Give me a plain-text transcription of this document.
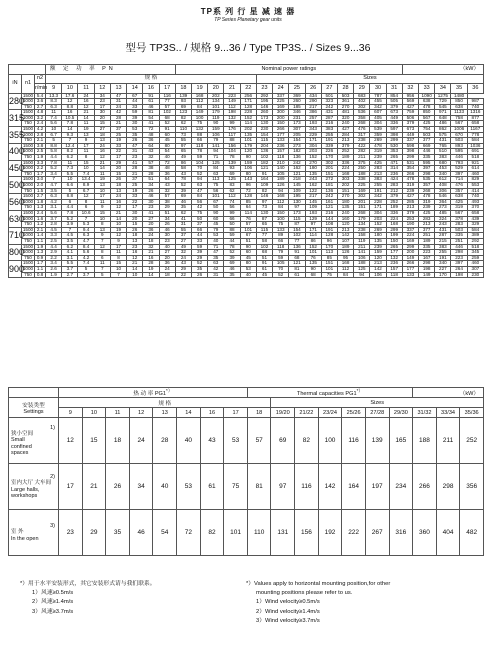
TP系 列 行 星 减 速 器
TP Series Planetary gear units
型号 TP3S.. / 规格 9...36 / Type TP3S.. / Sizes 9...36
			额 定 功 率 PN								Nominal power ratings														（kW）				
iN	n1	n2	规 格													Sizes													
		r/min	9	10	11	12	13	14	16	17	18	19	20	21	22	23	24	25	26	27	28	29	30	31	32	33	34	35	36
280	1500	5.4	13.3	17.6	24	34	47	67	91	116	139	168	202	223	256	292	337	369	434	501	503	683	787	854	956	1090	1275	1480	
	1000	3.6	8.3	12	16	23	31	44	61	77	93	112	134	149	171	195	225	260	290	323	361	402	455	505	569	638	729	850	987
	750	2.7	6.3	8.8	12	17	24	33	46	57	69	84	101	112	128	146	169	185	217	242	270	302	342	379	427	478	545	638	740
315	1500	4.8	11	16	21	30	42	59	81	102	123	149	179	198	228	260	300	346	386	431	481	536	607	673	759	850	971	1133	1316
	1000	3.2	7.4	10.5	14	20	28	39	54	68	82	100	119	132	152	173	200	231	257	287	320	358	405	449	506	567	648	758	877
	750	2.4	5.6	7.8	11	15	21	30	41	52	62	75	90	99	114	130	150	173	193	216	240	268	304	336	379	425	486	567	658
355	1500	4.2	10	14	19	27	37	53	72	91	110	132	159	176	202	230	266	307	343	383	427	476	539	597	673	754	862	1006	1167
	1000	2.8	6.7	9.3	13	18	25	35	48	60	73	88	106	117	135	154	177	205	229	255	284	317	359	398	449	503	575	670	778
	750	2.1	5	7	9	13	19	26	36	45	55	66	79	88	101	115	133	154	171	191	213	238	269	299	337	377	431	503	584
400	1500	3.8	8.8	12.4	17	24	33	47	64	80	97	118	141	156	179	204	236	273	304	339	379	422	478	530	598	669	765	893	1036
	1000	2.5	5.8	8.2	11	16	22	31	43	54	65	78	94	104	120	136	157	182	203	226	252	282	319	353	398	446	510	595	691
	750	1.9	4.4	6.2	8	12	17	23	32	40	49	59	71	78	90	102	118	136	152	170	189	211	239	265	299	335	383	446	518
450	1500	3.3	7.8	11	15	21	29	41	57	72	86	104	125	139	159	182	210	242	270	302	336	375	425	471	531	595	680	793	921
	1000	2.2	5.2	7.3	10	14	20	28	38	48	58	70	84	93	106	121	140	162	180	201	224	250	283	314	354	397	453	529	614
	750	1.7	3.4	5.5	7.4	11	15	21	28	36	43	52	63	69	80	91	105	121	135	151	168	188	213	236	266	298	340	397	460
500	1500	3.0	7	10	13.4	19	26	37	51	64	78	94	113	125	143	164	189	218	243	272	303	338	383	424	478	535	612	714	829
	1000	2.0	4.7	6.6	8.9	13	18	25	34	43	52	63	75	83	96	109	126	145	162	181	202	225	255	283	319	357	408	476	553
	750	1.5	3.5	5	6.7	10	13	19	26	32	39	47	56	62	72	82	94	109	122	136	151	169	191	212	239	268	306	357	414
560	1500	2.7	6.3	8.8	12	17	24	33	46	57	69	84	101	112	128	146	168	195	217	242	270	302	342	379	427	478	546	638	740
	1000	1.8	4.2	6	8	11	16	22	30	38	46	56	67	74	85	97	112	130	145	161	180	201	228	252	285	319	364	425	493
	750	1.3	3.1	4.4	6	9	12	17	23	29	35	42	50	56	64	73	84	97	109	121	135	151	171	189	213	239	273	319	370
630	1500	2.4	5.6	7.8	10.6	15	21	30	41	51	62	75	90	99	114	130	150	173	193	216	240	268	304	336	379	425	485	567	658
	1000	1.6	3.7	5.2	7	10	14	20	27	34	41	50	60	66	76	87	100	115	129	144	160	179	203	224	253	283	324	378	439
	750	1.2	2.8	3.9	5.3	8	10	15	20	26	31	37	45	50	57	65	75	87	97	108	120	134	152	168	190	213	243	283	329
710	1500	2.1	4.5	7	9.4	13	19	26	36	46	55	66	79	88	101	115	133	154	171	191	213	238	269	299	337	377	431	503	584
	1000	1.4	3.3	4.5	6.3	9	12	18	24	30	37	44	53	59	67	77	89	102	114	128	142	158	180	199	224	251	287	335	389
	750	1.1	2.5	3.5	4.7	7	9	13	18	23	27	33	40	44	51	58	66	77	86	96	107	119	135	150	169	189	215	251	292
800	1500	1.9	4.4	6.2	8.4	12	17	23	32	40	49	59	71	78	90	102	118	136	152	170	189	211	239	265	299	335	383	446	518
	1000	1.3	2.9	4.1	5.6	8	11	16	21	27	32	39	47	52	60	68	79	91	101	113	126	141	159	177	200	223	255	298	345
	750	0.9	2.2	3.1	4.2	6	8	12	16	20	24	29	35	39	45	51	59	68	76	85	95	106	120	132	149	167	191	223	259
900	1500	1.7	3.4	5.5	7.4	11	15	21	28	36	43	52	63	69	80	91	105	121	135	151	168	188	213	236	266	298	340	397	460
	1000	1.1	2.6	3.7	5	7	10	14	19	24	29	35	42	46	53	61	70	81	90	101	112	125	142	157	177	198	227	264	307
	750	0.8	1.9	2.7	3.7	5	7	10	14	18	22	26	31	35	40	45	52	61	68	75	84	94	106	118	133	149	170	198	230
	热 动 率 PG1*）								Thermal capacities PG1*）							（kW）		

安装类型
Settings	规 格									Sizes								
	9	10	11	12	13	14	16	17	18	19/20	21/22	23/24	25/26	27/28	29/30	31/32	33/34	35/36

1)
狭小空间
Small
confined
spaces	12	15	18	24	28	40	43	53	57	69	82	100	116	139	165	188	211	252

2)
室内大厅 大车间
Large halls,
workshops	17	21	26	34	40	53	61	75	81	97	116	142	164	197	234	266	298	356

3)
室 外
In the open	23	29	35	46	54	72	82	101	110	131	156	192	222	267	316	360	404	482
*）用于水平安装形式，其它安装形式请与我们联系。
1）风速≥0.5m/s
2）风速≥1.4m/s
3）风速≥3.7m/s
*）Values apply to horizontal mounting position,for other
mounting positions please refer to us.
1）Wind velocity≥0.5m/s
2）Wind velocity≥1.4m/s
3）Wind velocity≥3.7m/s
